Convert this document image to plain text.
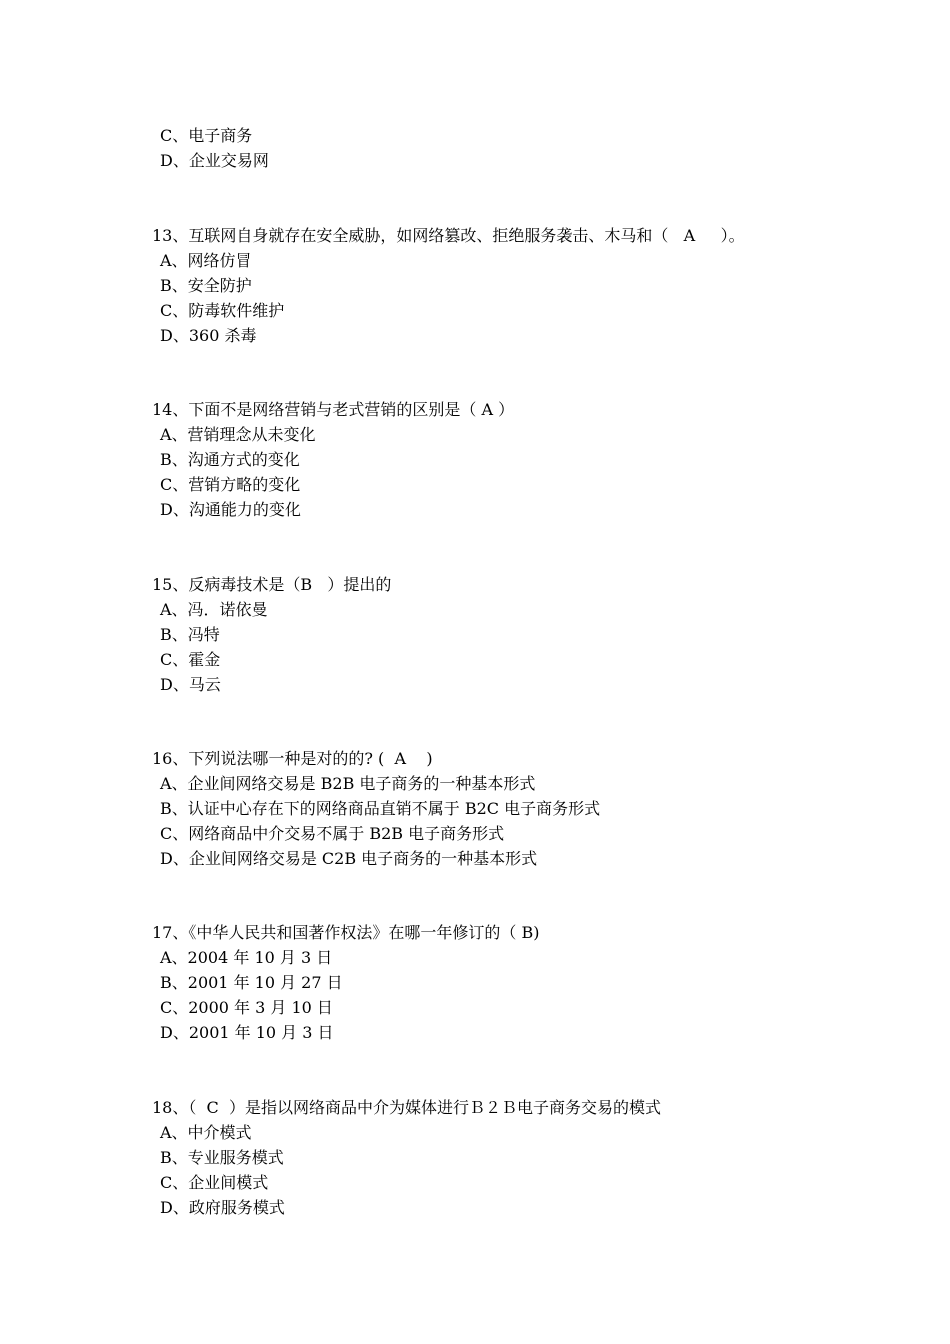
C、电子商务
D、企业交易网
13、互联网自身就存在安全威胁，如网络篡改、拒绝服务袭击、木马和（   A     ）。
A、网络仿冒
B、安全防护
C、防毒软件维护
D、360 杀毒
14、下面不是网络营销与老式营销的区别是（ A ）
A、营销理念从未变化
B、沟通方式的变化
C、营销方略的变化
D、沟通能力的变化
15、反病毒技术是（B   ）提出的
A、冯．诺依曼
B、冯特
C、霍金
D、马云
16、下列说法哪一种是对的的? (  A    )
A、企业间网络交易是 B2B 电子商务的一种基本形式
B、认证中心存在下的网络商品直销不属于 B2C 电子商务形式
C、网络商品中介交易不属于 B2B 电子商务形式
D、企业间网络交易是 C2B 电子商务的一种基本形式
17、《中华人民共和国著作权法》在哪一年修订的（ B)
A、2004 年 10 月 3 日
B、2001 年 10 月 27 日
C、2000 年 3 月 10 日
D、2001 年 10 月 3 日
18、（  C  ）是指以网络商品中介为媒体进行Ｂ２Ｂ电子商务交易的模式
A、中介模式
B、专业服务模式
C、企业间模式
D、政府服务模式
